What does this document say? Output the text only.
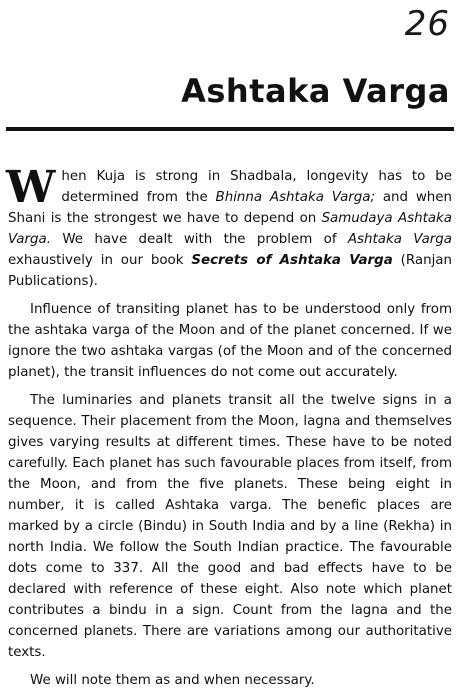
26
Ashtaka Varga

When Kuja is strong in Shadbala, longevity has to be determined from the Bhinna Ashtaka Varga; and when Shani is the strongest we have to depend on Samudaya Ashtaka Varga. We have dealt with the problem of Ashtaka Varga exhaustively in our book Secrets of Ashtaka Varga (Ranjan Publications).

Influence of transiting planet has to be understood only from the ashtaka varga of the Moon and of the planet concerned. If we ignore the two ashtaka vargas (of the Moon and of the concerned planet), the transit influences do not come out accurately.

The luminaries and planets transit all the twelve signs in a sequence. Their placement from the Moon, lagna and themselves gives varying results at different times. These have to be noted carefully. Each planet has such favourable places from itself, from the Moon, and from the five planets. These being eight in number, it is called Ashtaka varga. The benefic places are marked by a circle (Bindu) in South India and by a line (Rekha) in north India. We follow the South Indian practice. The favourable dots come to 337. All the good and bad effects have to be declared with reference of these eight. Also note which planet contributes a bindu in a sign. Count from the lagna and the concerned planets. There are variations among our authoritative texts.

We will note them as and when necessary.
